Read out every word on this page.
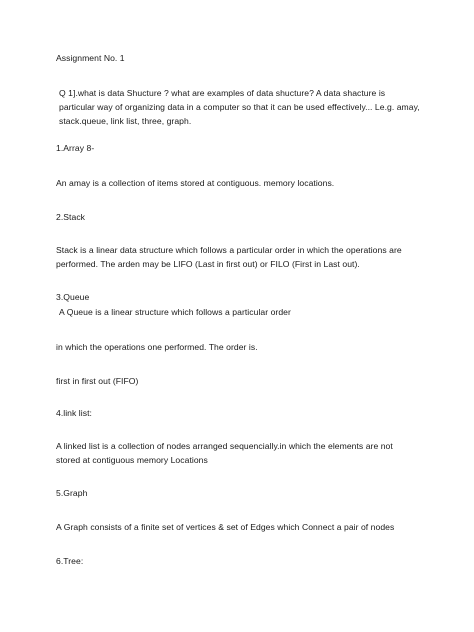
Assignment No. 1
Q 1].what is data Shucture ? what are examples of data shucture? A data shacture is particular way of organizing data in a computer so that it can be used effectively... Le.g. amay, stack.queue, link list, three, graph.
1.Array 8-
An amay is a collection of items stored at contiguous. memory locations.
2.Stack
Stack is a linear data structure which follows a particular order in which the operations are performed. The arden may be LIFO (Last in first out) or FILO (First in Last out).
3.Queue
A Queue is a linear structure which follows a particular order
in which the operations one performed. The order is.
first in first out (FIFO)
4.link list:
A linked list is a collection of nodes arranged sequencially.in which the elements are not stored at contiguous memory Locations
5.Graph
A Graph consists of a finite set of vertices & set of Edges which Connect a pair of nodes
6.Tree:
